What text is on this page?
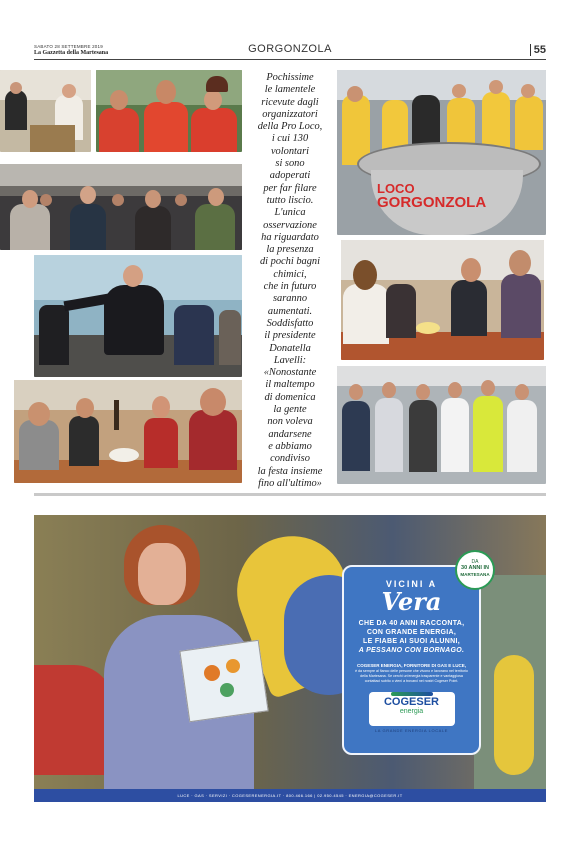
SABATO 28 SETTEMBRE 2019
La Gazzetta della Martesana	GORGONZOLA	55
Pochissime
le lamentele
ricevute dagli
organizzatori
della Pro Loco,
i cui 130
volontari
si sono
adoperati
per far filare
tutto liscio.
L'unica
osservazione
ha riguardato
la presenza
di pochi bagni
chimici,
che in futuro
saranno
aumentati.
Soddisfatto
il presidente
Donatella
Lavelli:
«Nonostante
il maltempo
di domenica
la gente
non voleva
andarsene
e abbiamo
condiviso
la festa insieme
fino all'ultimo»
LOCO
GORGONZOLA
VICINI A
Vera
CHE DA 40 ANNI RACCONTA,
CON GRANDE ENERGIA,
LE FIABE AI SUOI ALUNNI,
A PESSANO CON BORNAGO.
COGESER ENERGIA, FORNITORE DI GAS E LUCE,
è da sempre al fianco delle persone che vivono e lavorano nel territorio della Martesana. Se cerchi un'energia trasparente e vantaggiosa contattaci subito o vieni a trovarci nei nostri Cogeser Point.
COGESER
energia
LA GRANDE ENERGIA LOCALE
DA
30 ANNI IN
MARTESANA
LUCE · GAS · SERVIZI · COGESERENERGIA.IT · 800.466.166 | 02.950.4545 · ENERGIA@COGESER.IT
